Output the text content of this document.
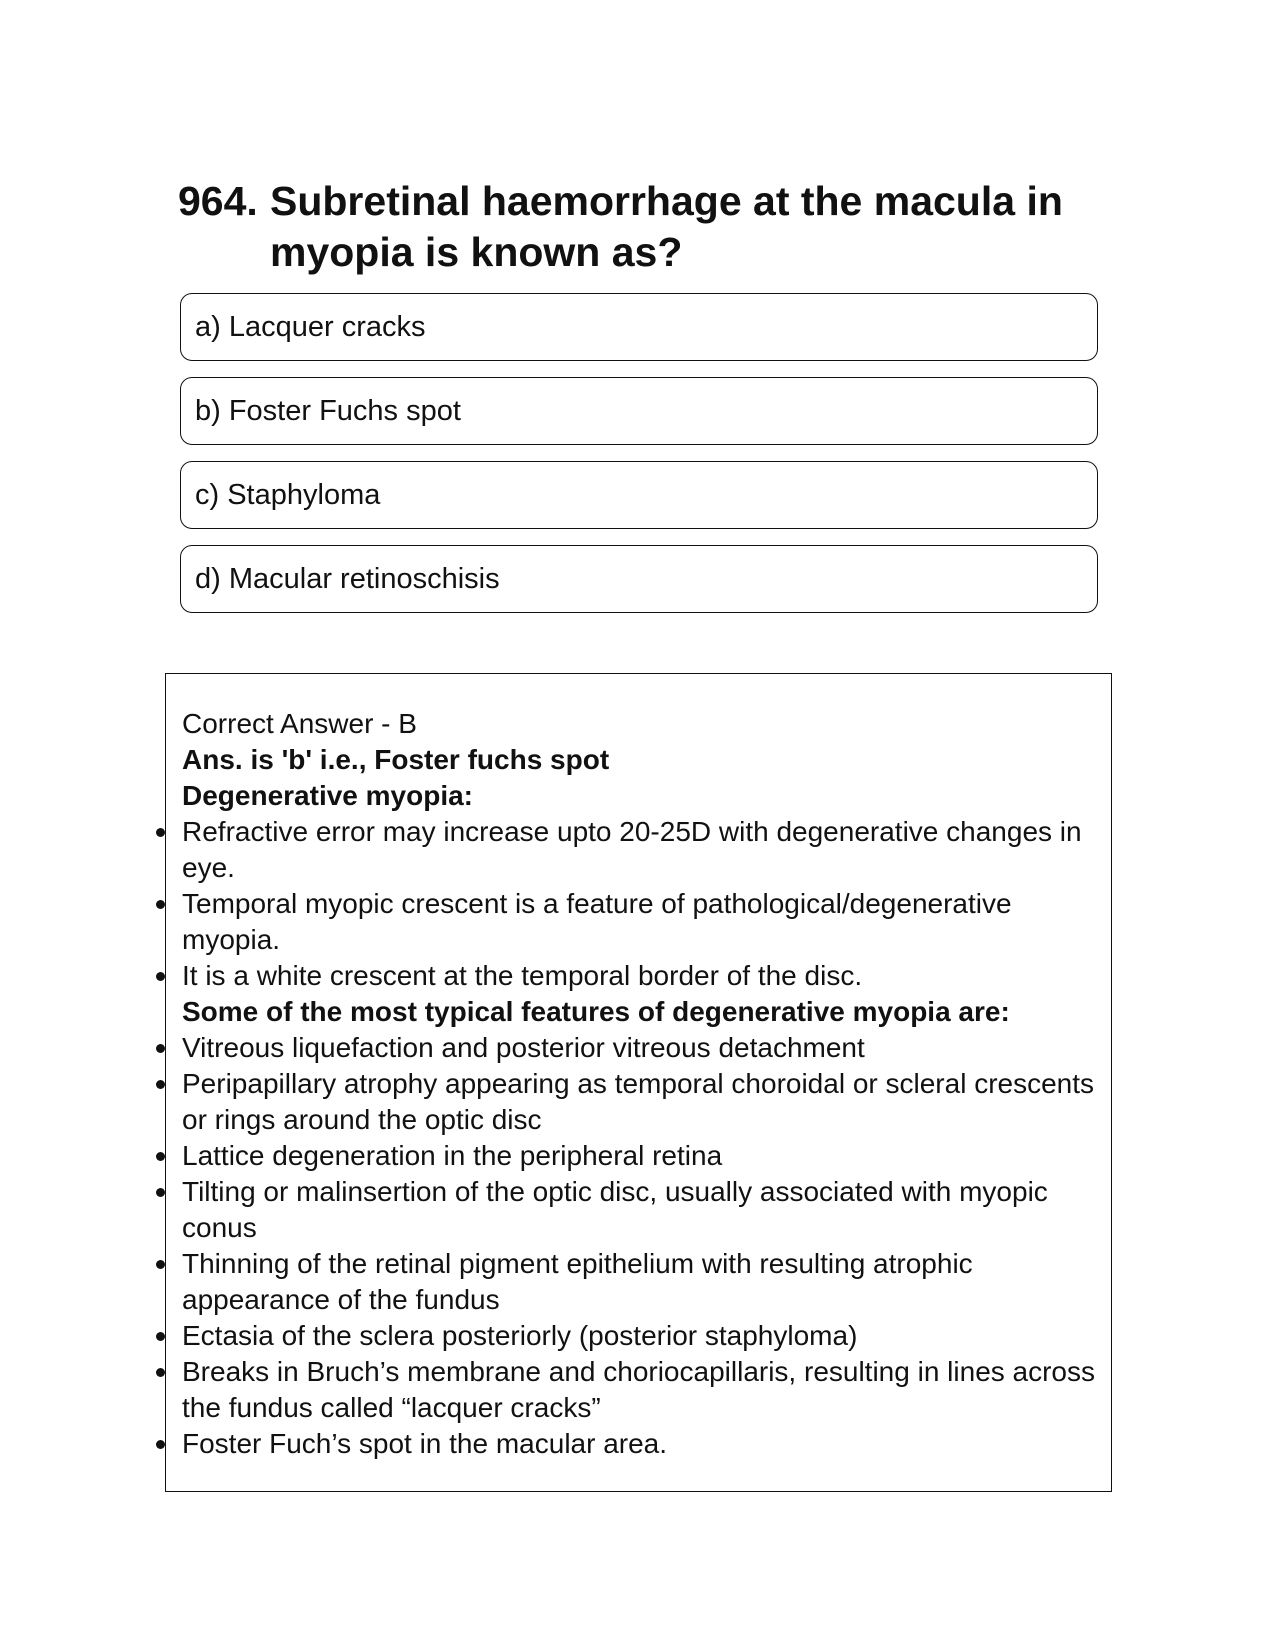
964. Subretinal haemorrhage at the macula in myopia is known as?
a) Lacquer cracks
b) Foster Fuchs spot
c) Staphyloma
d) Macular retinoschisis

Correct Answer - B

Ans. is 'b' i.e., Foster fuchs spot

Degenerative myopia:

Refractive error may increase upto 20-25D with degenerative changes in eye.
Temporal myopic crescent is a feature of pathological/degenerative myopia.
It is a white crescent at the temporal border of the disc.

Some of the most typical features of degenerative myopia are:

Vitreous liquefaction and posterior vitreous detachment
Peripapillary atrophy appearing as temporal choroidal or scleral crescents or rings around the optic disc
Lattice degeneration in the peripheral retina
Tilting or malinsertion of the optic disc, usually associated with myopic conus
Thinning of the retinal pigment epithelium with resulting atrophic appearance of the fundus
Ectasia of the sclera posteriorly (posterior staphyloma)
Breaks in Bruch’s membrane and choriocapillaris, resulting in lines across the fundus called “lacquer cracks”
Foster Fuch’s spot in the macular area.
